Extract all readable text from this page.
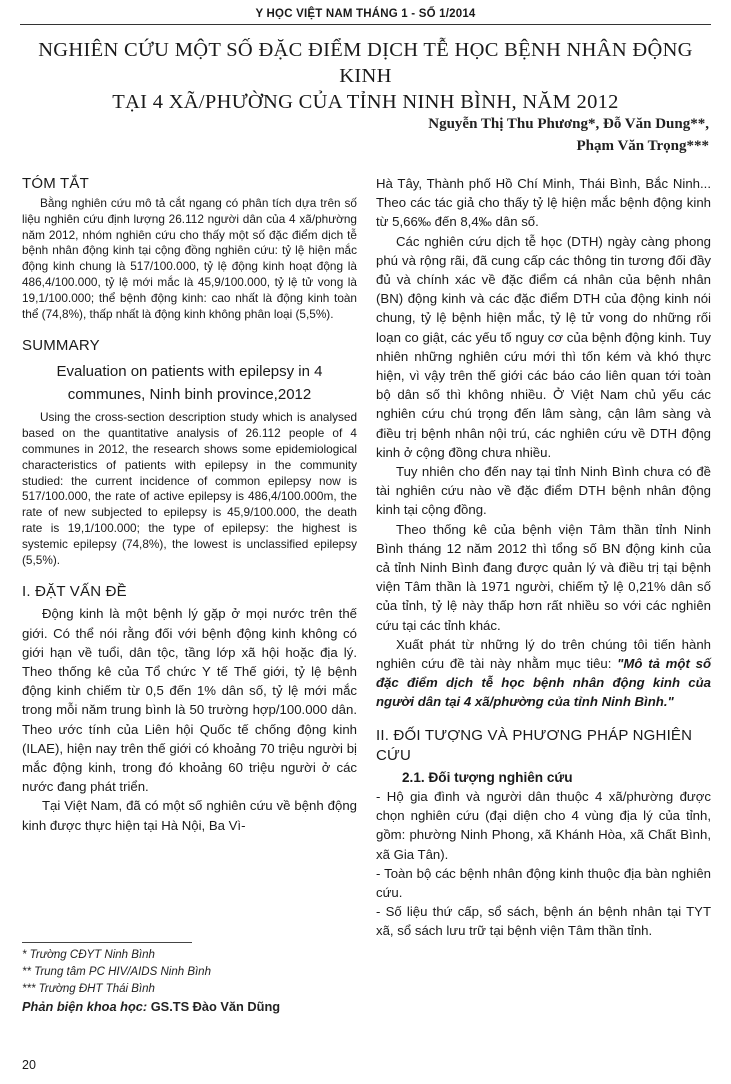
Y HỌC VIỆT NAM THÁNG 1 - SỐ 1/2014
NGHIÊN CỨU MỘT SỐ ĐẶC ĐIỂM DỊCH TỄ HỌC BỆNH NHÂN ĐỘNG KINH
TẠI 4 XÃ/PHƯỜNG CỦA TỈNH NINH BÌNH, NĂM 2012
Nguyễn Thị Thu Phương*, Đỗ Văn Dung**,
Phạm Văn Trọng***
TÓM TẮT

Bằng nghiên cứu mô tả cắt ngang có phân tích dựa trên số liệu nghiên cứu định lượng 26.112 người dân của 4 xã/phường năm 2012, nhóm nghiên cứu cho thấy một số đặc điểm dịch tễ bệnh nhân động kinh tại cộng đồng nghiên cứu: tỷ lệ hiện mắc động kinh chung là 517/100.000, tỷ lệ động kinh hoạt động là 486,4/100.000, tỷ lệ mới mắc là 45,9/100.000, tỷ lệ tử vong là 19,1/100.000; thể bệnh động kinh: cao nhất là động kinh toàn thể (74,8%), thấp nhất là động kinh không phân loại (5,5%).

SUMMARY
Evaluation on patients with epilepsy in 4
communes, Ninh binh province,2012

Using the cross-section description study which is analysed based on the quantitative analysis of 26.112 people of 4 communes in 2012, the research shows some epidemiological characteristics of patients with epilepsy in the community studied: the current incidence of common epilepsy now is 517/100.000, the rate of active epilepsy is 486,4/100.000m, the rate of new subjected to epilepsy is 45,9/100.000, the death rate is 19,1/100.000; the type of epilepsy: the highest is systemic epilepsy (74,8%), the lowest is unclassified epilepsy (5,5%).

I. ĐẶT VẤN ĐỀ

Động kinh là một bệnh lý gặp ở mọi nước trên thế giới. Có thể nói rằng đối với bệnh động kinh không có giới hạn về tuổi, dân tộc, tầng lớp xã hội hoặc địa lý. Theo thống kê của Tổ chức Y tế Thế giới, tỷ lệ bệnh động kinh chiếm từ 0,5 đến 1% dân số, tỷ lệ mới mắc trong mỗi năm trung bình là 50 trường hợp/100.000 dân. Theo ước tính của Liên hội Quốc tế chống động kinh (ILAE), hiện nay trên thế giới có khoảng 70 triệu người bị mắc động kinh, trong đó khoảng 60 triệu người ở các nước đang phát triển.

Tại Việt Nam, đã có một số nghiên cứu về bệnh động kinh được thực hiện tại Hà Nội, Ba Vì-

* Trường CĐYT Ninh Bình
** Trung tâm PC HIV/AIDS Ninh Bình
*** Trường ĐHT Thái Bình
Phản biện khoa học: GS.TS Đào Văn Dũng

Hà Tây, Thành phố Hồ Chí Minh, Thái Bình, Bắc Ninh... Theo các tác giả cho thấy tỷ lệ hiện mắc bệnh động kinh từ 5,66‰ đến 8,4‰ dân số.

Các nghiên cứu dịch tễ học (DTH) ngày càng phong phú và rộng rãi, đã cung cấp các thông tin tương đối đầy đủ và chính xác về đặc điểm cá nhân của bệnh nhân (BN) động kinh và các đặc điểm DTH của động kinh nói chung, tỷ lệ bệnh hiện mắc, tỷ lệ tử vong do những rối loạn co giật, các yếu tố nguy cơ của bệnh động kinh. Tuy nhiên những nghiên cứu mới thì tốn kém và khó thực hiện, vì vậy trên thế giới các báo cáo liên quan tới toàn bộ dân số thì không nhiều. Ở Việt Nam chủ yếu các nghiên cứu chú trọng đến lâm sàng, cận lâm sàng và điều trị bệnh nhân nội trú, các nghiên cứu về DTH động kinh ở cộng đồng chưa nhiều.

Tuy nhiên cho đến nay tại tỉnh Ninh Bình chưa có đề tài nghiên cứu nào về đặc điểm DTH bệnh nhân động kinh tại cộng đồng.

Theo thống kê của bệnh viện Tâm thần tỉnh Ninh Bình tháng 12 năm 2012 thì tổng số BN động kinh của cả tỉnh Ninh Bình đang được quản lý và điều trị tại bệnh viện Tâm thần là 1971 người, chiếm tỷ lệ 0,21% dân số của tỉnh, tỷ lệ này thấp hơn rất nhiều so với các nghiên cứu tại các tỉnh khác.

Xuất phát từ những lý do trên chúng tôi tiến hành nghiên cứu đề tài này nhằm mục tiêu: "Mô tả một số đặc điểm dịch tễ học bệnh nhân động kinh của người dân tại 4 xã/phường của tỉnh Ninh Bình."

II. ĐỐI TƯỢNG VÀ PHƯƠNG PHÁP NGHIÊN CỨU
2.1. Đối tượng nghiên cứu

- Hộ gia đình và người dân thuộc 4 xã/phường được chọn nghiên cứu (đại diện cho 4 vùng địa lý của tỉnh, gồm: phường Ninh Phong, xã Khánh Hòa, xã Chất Bình, xã Gia Tân).

- Toàn bộ các bệnh nhân động kinh thuộc địa bàn nghiên cứu.

- Số liệu thứ cấp, sổ sách, bệnh án bệnh nhân tại TYT xã, sổ sách lưu trữ tại bệnh viện Tâm thần tỉnh.

20
